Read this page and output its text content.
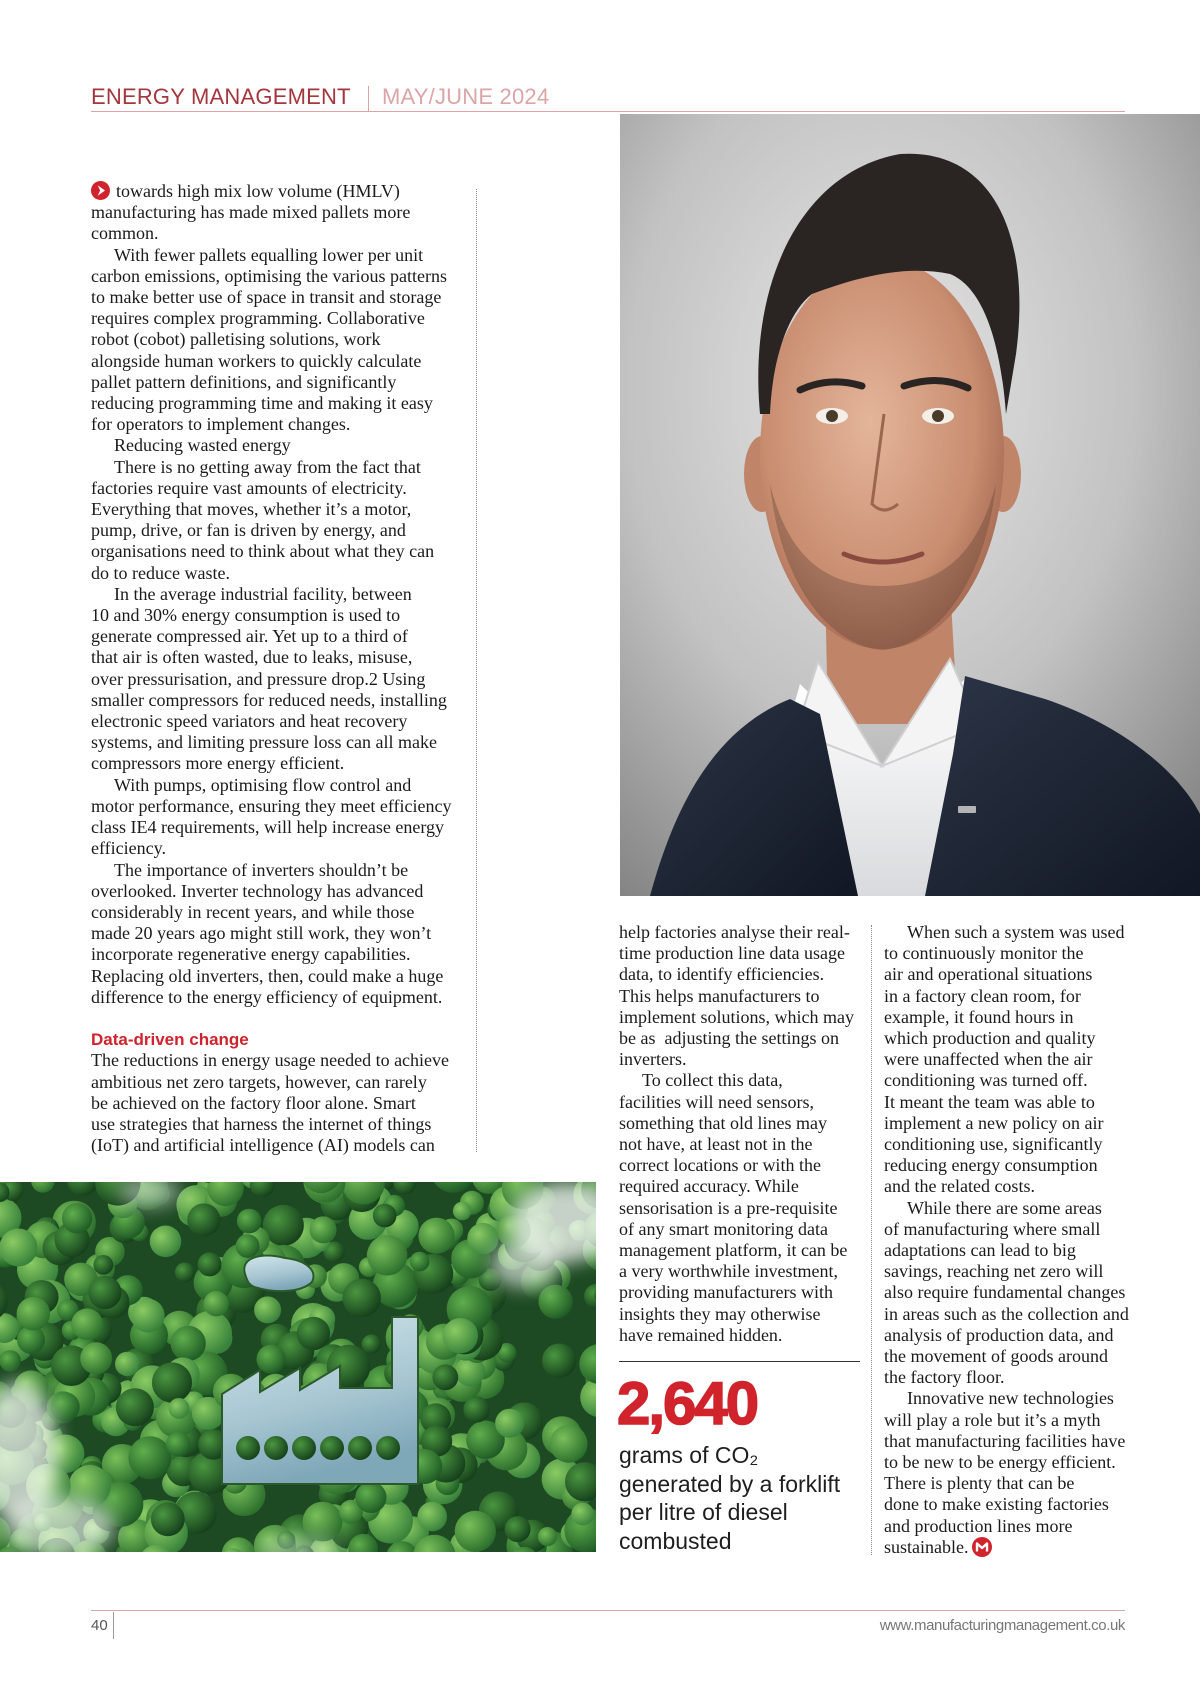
ENERGY MANAGEMENT MAY/JUNE 2024

towards high mix low volume (HMLV)
manufacturing has made mixed pallets more
common.

With fewer pallets equalling lower per unit
carbon emissions, optimising the various patterns
to make better use of space in transit and storage
requires complex programming. Collaborative
robot (cobot) palletising solutions, work
alongside human workers to quickly calculate
pallet pattern definitions, and significantly
reducing programming time and making it easy
for operators to implement changes.

Reducing wasted energy

There is no getting away from the fact that
factories require vast amounts of electricity.
Everything that moves, whether it’s a motor,
pump, drive, or fan is driven by energy, and
organisations need to think about what they can
do to reduce waste.

In the average industrial facility, between
10 and 30% energy consumption is used to
generate compressed air. Yet up to a third of
that air is often wasted, due to leaks, misuse,
over pressurisation, and pressure drop.2 Using
smaller compressors for reduced needs, installing
electronic speed variators and heat recovery
systems, and limiting pressure loss can all make
compressors more energy efficient.

With pumps, optimising flow control and
motor performance, ensuring they meet efficiency
class IE4 requirements, will help increase energy
efficiency.

The importance of inverters shouldn’t be
overlooked. Inverter technology has advanced
considerably in recent years, and while those
made 20 years ago might still work, they won’t
incorporate regenerative energy capabilities.
Replacing old inverters, then, could make a huge
difference to the energy efficiency of equipment.

Data-driven change

The reductions in energy usage needed to achieve
ambitious net zero targets, however, can rarely
be achieved on the factory floor alone. Smart
use strategies that harness the internet of things
(IoT) and artificial intelligence (AI) models can

help factories analyse their real-
time production line data usage
data, to identify efficiencies.
This helps manufacturers to
implement solutions, which may
be as  adjusting the settings on
inverters.

To collect this data,
facilities will need sensors,
something that old lines may
not have, at least not in the
correct locations or with the
required accuracy. While
sensorisation is a pre-requisite
of any smart monitoring data
management platform, it can be
a very worthwhile investment,
providing manufacturers with
insights they may otherwise
have remained hidden.

2,640
grams of CO₂
generated by a forklift
per litre of diesel
combusted

When such a system was used
to continuously monitor the
air and operational situations
in a factory clean room, for
example, it found hours in
which production and quality
were unaffected when the air
conditioning was turned off.
It meant the team was able to
implement a new policy on air
conditioning use, significantly
reducing energy consumption
and the related costs.

While there are some areas
of manufacturing where small
adaptations can lead to big
savings, reaching net zero will
also require fundamental changes
in areas such as the collection and
analysis of production data, and
the movement of goods around
the factory floor.

Innovative new technologies
will play a role but it’s a myth
that manufacturing facilities have
to be new to be energy efficient.
There is plenty that can be
done to make existing factories
and production lines more
sustainable.

40	www.manufacturingmanagement.co.uk
